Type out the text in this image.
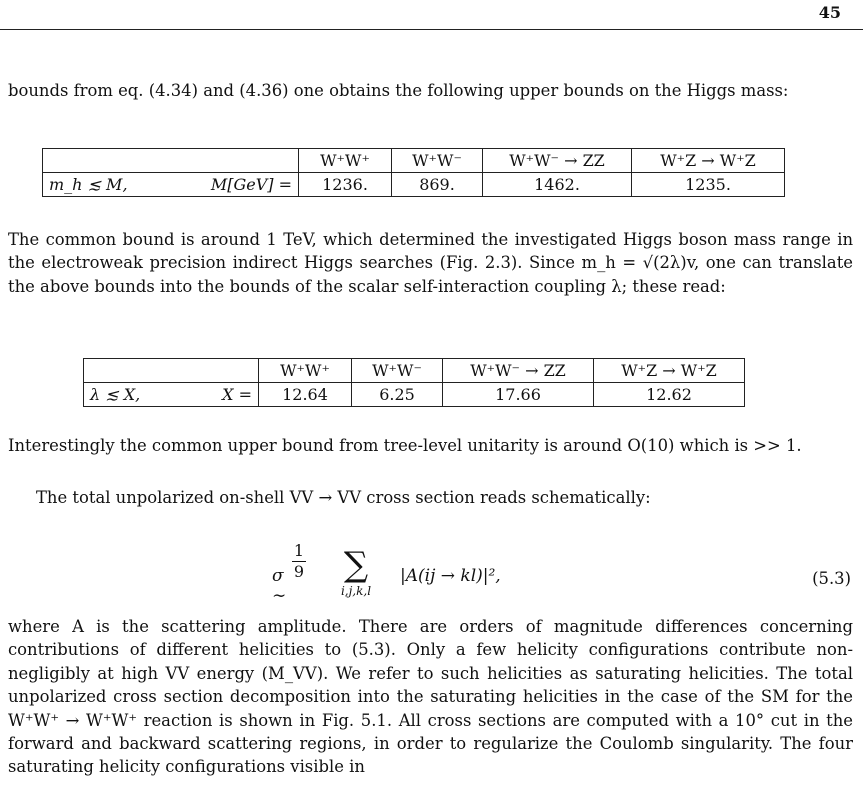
45

bounds from eq. (4.34) and (4.36) one obtains the following upper bounds on the Higgs mass:

	W⁺W⁺	W⁺W⁻	W⁺W⁻ → ZZ	W⁺Z → W⁺Z
m_h ≲ M, M[GeV] =	1236.	869.	1462.	1235.

The common bound is around 1 TeV, which determined the investigated Higgs boson mass range in the electroweak precision indirect Higgs searches (Fig. 2.3). Since m_h = √(2λ)v, one can translate the above bounds into the bounds of the scalar self-interaction coupling λ; these read:

	W⁺W⁺	W⁺W⁻	W⁺W⁻ → ZZ	W⁺Z → W⁺Z
λ ≲ X, X =	12.64	6.25	17.66	12.62

Interestingly the common upper bound from tree-level unitarity is around O(10) which is >> 1.

The total unpolarized on-shell VV → VV cross section reads schematically:

σ ∼
1
9	∑
i,j,k,l
|A(ij → kl)|²,	(5.3)

where A is the scattering amplitude. There are orders of magnitude differences concerning contributions of different helicities to (5.3). Only a few helicity configurations contribute non-negligibly at high VV energy (M_VV). We refer to such helicities as saturating helicities. The total unpolarized cross section decomposition into the saturating helicities in the case of the SM for the W⁺W⁺ → W⁺W⁺ reaction is shown in Fig. 5.1. All cross sections are computed with a 10° cut in the forward and backward scattering regions, in order to regularize the Coulomb singularity. The four saturating helicity configurations visible in
